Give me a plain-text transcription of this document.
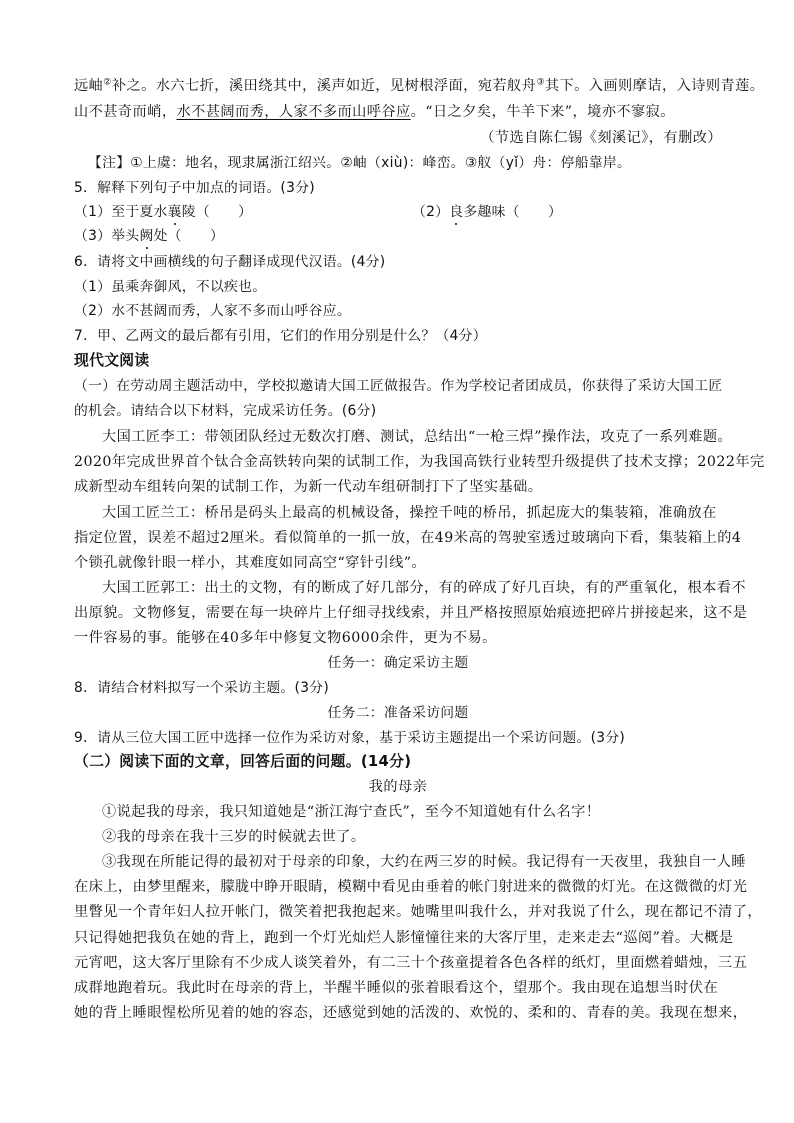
远岫②补之。水六七折，溪田绕其中，溪声如近，见树根浮面，宛若舣舟③其下。入画则摩诘，入诗则青莲。
山不甚奇而峭，水不甚阔而秀，人家不多而山呼谷应。“日之夕矣，牛羊下来”，境亦不寥寂。
（节选自陈仁锡《刻溪记》，有删改）
【注】①上虞：地名，现隶属浙江绍兴。②岫（xiù)：峰峦。③舣（yǐ）舟：停船靠岸。
5．解释下列句子中加点的词语。(3分)
（1）至于夏水襄陵（　　）	（2）良多趣味（　　）
（3）举头阙处（　　）
6．请将文中画横线的句子翻译成现代汉语。(4分)
（1）虽乘奔御风，不以疾也。
（2）水不甚阔而秀，人家不多而山呼谷应。
7．甲、乙两文的最后都有引用，它们的作用分别是什么？（4分）
现代文阅读
（一）在劳动周主题活动中，学校拟邀请大国工匠做报告。作为学校记者团成员，你获得了采访大国工匠
的机会。请结合以下材料，完成采访任务。(6分)
大国工匠李工：带领团队经过无数次打磨、测试，总结出“一枪三焊”操作法，攻克了一系列难题。
2020年完成世界首个钛合金高铁转向架的试制工作，为我国高铁行业转型升级提供了技术支撑；2022年完
成新型动车组转向架的试制工作，为新一代动车组研制打下了坚实基础。
大国工匠兰工：桥吊是码头上最高的机械设备，操控千吨的桥吊，抓起庞大的集装箱，准确放在
指定位置，误差不超过2厘米。看似简单的一抓一放，在49米高的驾驶室透过玻璃向下看，集装箱上的4
个锁孔就像针眼一样小，其难度如同高空“穿针引线”。
大国工匠郭工：出土的文物，有的断成了好几部分，有的碎成了好几百块，有的严重氧化，根本看不
出原貌。文物修复，需要在每一块碎片上仔细寻找线索，并且严格按照原始痕迹把碎片拼接起来，这不是
一件容易的事。能够在40多年中修复文物6000余件，更为不易。
任务一：确定采访主题
8．请结合材料拟写一个采访主题。(3分)
任务二：准备采访问题
9．请从三位大国工匠中选择一位作为采访对象，基于采访主题提出一个采访问题。(3分)
（二）阅读下面的文章，回答后面的问题。(14分)
我的母亲
①说起我的母亲，我只知道她是“浙江海宁查氏”，至今不知道她有什么名字！
②我的母亲在我十三岁的时候就去世了。
③我现在所能记得的最初对于母亲的印象，大约在两三岁的时候。我记得有一天夜里，我独自一人睡
在床上，由梦里醒来，朦胧中睁开眼睛，模糊中看见由垂着的帐门射进来的微微的灯光。在这微微的灯光
里瞥见一个青年妇人拉开帐门，微笑着把我抱起来。她嘴里叫我什么，并对我说了什么，现在都记不清了，
只记得她把我负在她的背上，跑到一个灯光灿烂人影憧憧往来的大客厅里，走来走去“巡阅”着。大概是
元宵吧，这大客厅里除有不少成人谈笑着外，有二三十个孩童提着各色各样的纸灯，里面燃着蜡烛，三五
成群地跑着玩。我此时在母亲的背上，半醒半睡似的张着眼看这个，望那个。我由现在追想当时伏在
她的背上睡眼惺松所见着的她的容态，还感觉到她的活泼的、欢悦的、柔和的、青春的美。我现在想来，
